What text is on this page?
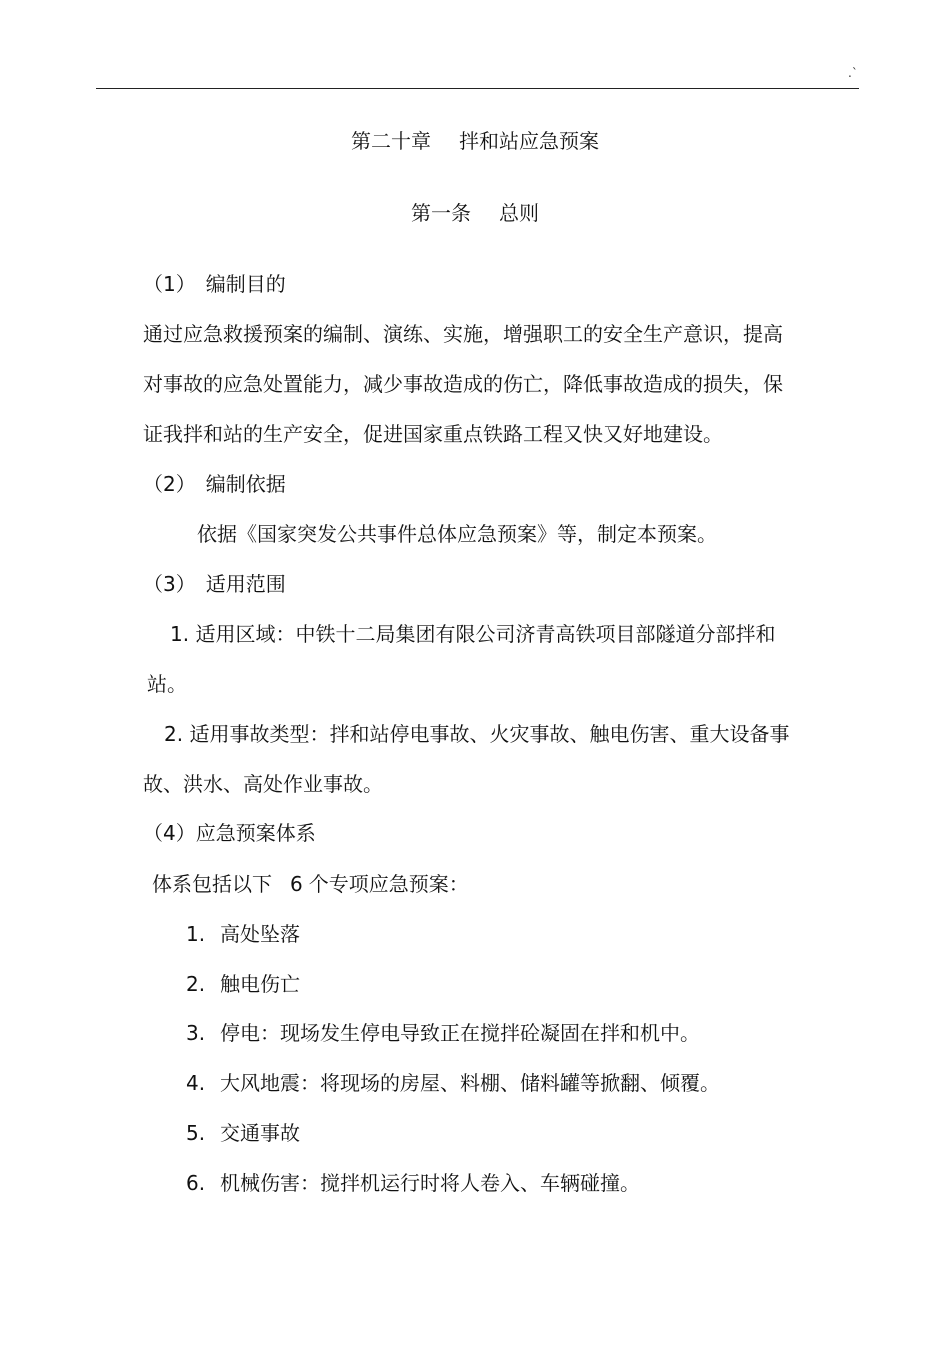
.`
第二十章 拌和站应急预案
第一条 总则
（1） 编制目的
通过应急救援预案的编制、演练、实施，增强职工的安全生产意识，提高
对事故的应急处置能力，减少事故造成的伤亡，降低事故造成的损失，保
证我拌和站的生产安全，促进国家重点铁路工程又快又好地建设。
（2） 编制依据
依据《国家突发公共事件总体应急预案》等，制定本预案。
（3） 适用范围
1. 适用区域：中铁十二局集团有限公司济青高铁项目部隧道分部拌和
站。
2. 适用事故类型：拌和站停电事故、火灾事故、触电伤害、重大设备事
故、洪水、高处作业事故。
（4）应急预案体系
体系包括以下 6 个专项应急预案：
1. 高处坠落
2. 触电伤亡
3. 停电：现场发生停电导致正在搅拌砼凝固在拌和机中。
4. 大风地震：将现场的房屋、料棚、储料罐等掀翻、倾覆。
5. 交通事故
6. 机械伤害：搅拌机运行时将人卷入、车辆碰撞。
